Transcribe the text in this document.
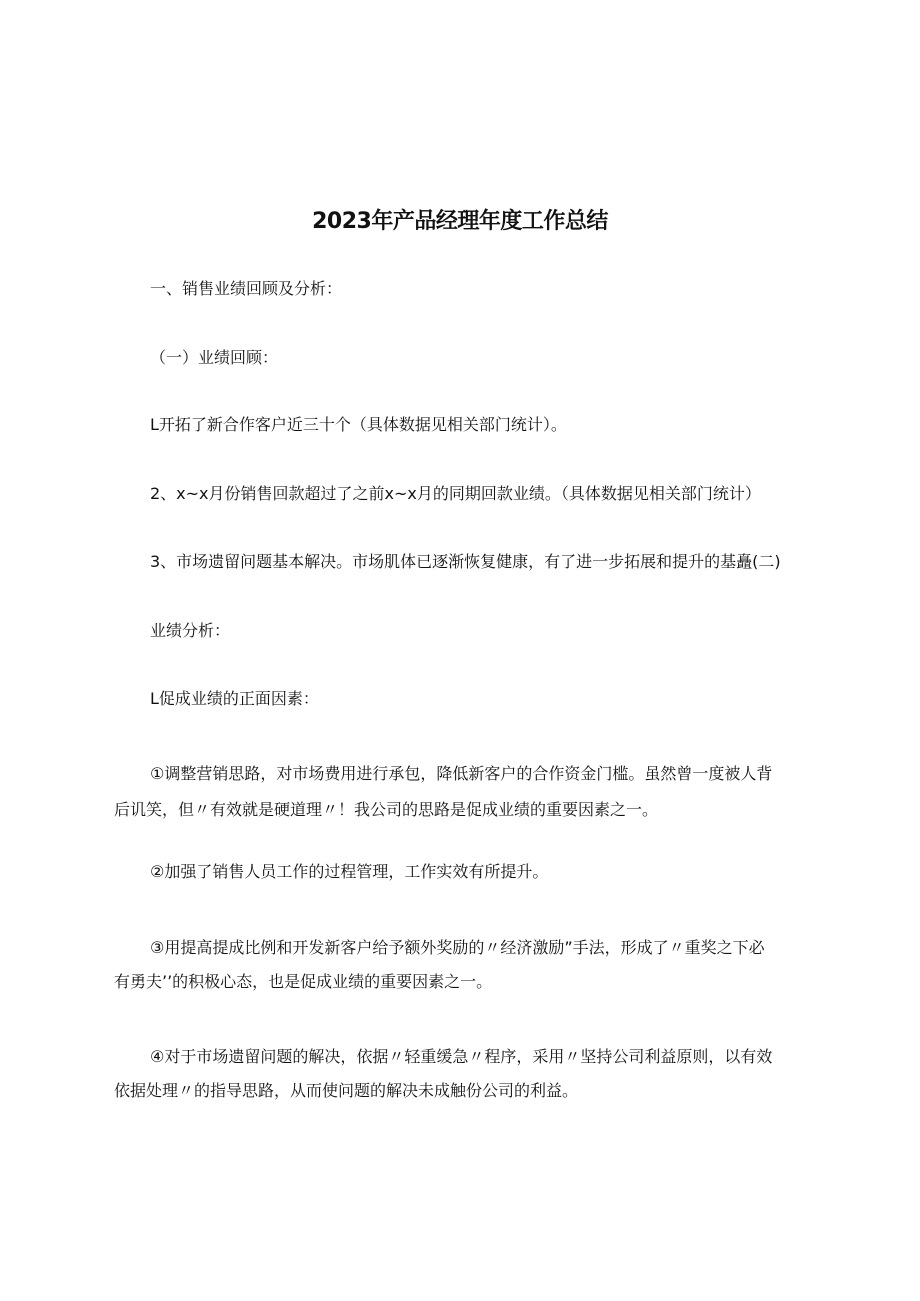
2023年产品经理年度工作总结
一、销售业绩回顾及分析：
（一）业绩回顾：
L开拓了新合作客户近三十个（具体数据见相关部门统计）。
2、x~x月份销售回款超过了之前x~x月的同期回款业绩。（具体数据见相关部门统计）
3、市场遗留问题基本解决。市场肌体已逐渐恢复健康，有了进一步拓展和提升的基矗(二)
业绩分析：
L促成业绩的正面因素：
①调整营销思路，对市场费用进行承包，降低新客户的合作资金门槛。虽然曾一度被人背
后讥笑，但〃有效就是硬道理〃！我公司的思路是促成业绩的重要因素之一。
②加强了销售人员工作的过程管理，工作实效有所提升。
③用提高提成比例和开发新客户给予额外奖励的〃经济激励”手法，形成了〃重奖之下必
有勇夫’’的积极心态，也是促成业绩的重要因素之一。
④对于市场遗留问题的解决，依据〃轻重缓急〃程序，采用〃坚持公司利益原则，以有效
依据处理〃的指导思路，从而使问题的解决未成触份公司的利益。
